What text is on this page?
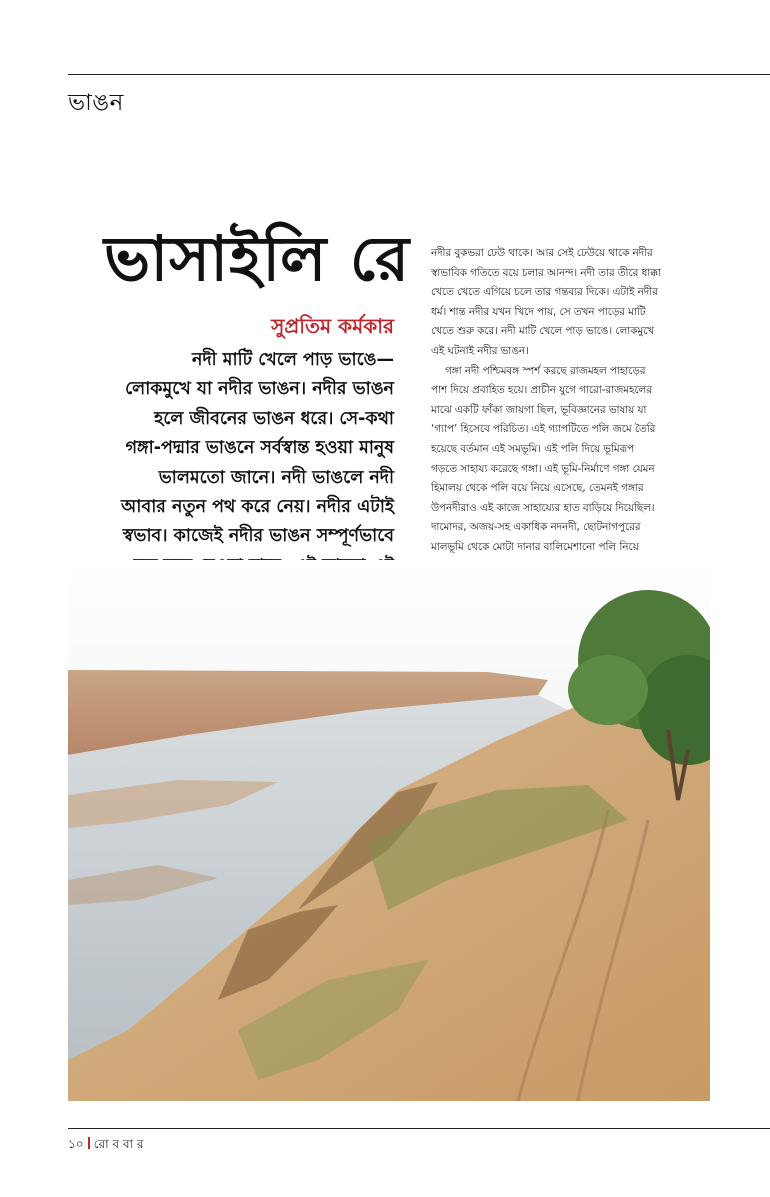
ভাঙন
ভাসাইলি রে
সুপ্রতিম কর্মকার
নদী মাটি খেলে পাড় ভাঙে—
লোকমুখে যা নদীর ভাঙন। নদীর ভাঙন
হলে জীবনের ভাঙন ধরে। সে-কথা
গঙ্গা-পদ্মার ভাঙনে সর্বস্বান্ত হওয়া মানুষ
ভালমতো জানে। নদী ভাঙলে নদী
আবার নতুন পথ করে নেয়। নদীর এটাই
স্বভাব। কাজেই নদীর ভাঙন সম্পূর্ণভাবে
নদীর বুকভরা ঢেউ থাকে। আর সেই ঢেউয়ে থাকে নদীর
স্বাভাবিক গতিতে বয়ে চলার আনন্দ। নদী তার তীরে ধাক্কা
খেতে খেতে এগিয়ে চলে তার গন্তব্যর দিকে। এটাই নদীর
ধর্ম। শান্ত নদীর যখন খিদে পায়, সে তখন পাড়ের মাটি
খেতে শুরু করে। নদী মাটি খেলে পাড় ভাঙে। লোকমুখে
এই ঘটনাই নদীর ভাঙন।
গঙ্গা নদী পশ্চিমবঙ্গ স্পর্শ করছে রাজমহল পাহাড়ের
পাশ দিয়ে প্রবাহিত হয়ে। প্রাচীন যুগে গারো-রাজমহলের
মাঝে একটি ফাঁকা জায়গা ছিল, ভূবিজ্ঞানের ভাষায় যা
‘গ্যাপ’ হিসেবে পরিচিত। এই গ্যাপটিতে পলি জমে তৈরি
হয়েছে বর্তমান এই সমভূমি। এই পলি দিয়ে ভূমিরূপ
গড়তে সাহায্য করেছে গঙ্গা। এই ভূমি-নির্মাণে গঙ্গা যেমন
হিমালয় থেকে পলি বয়ে নিয়ে এসেছে, তেমনই গঙ্গার
উপনদীরাও এই কাজে সাহায্যের হাত বাড়িয়ে দিয়েছিল।
দামোদর, অজয়-সহ একাধিক নদনদী, ছোটনাগপুরের
মালভূমি থেকে মোটা দানার বালিমেশানো পলি নিয়ে
১০ রো ব বা র
